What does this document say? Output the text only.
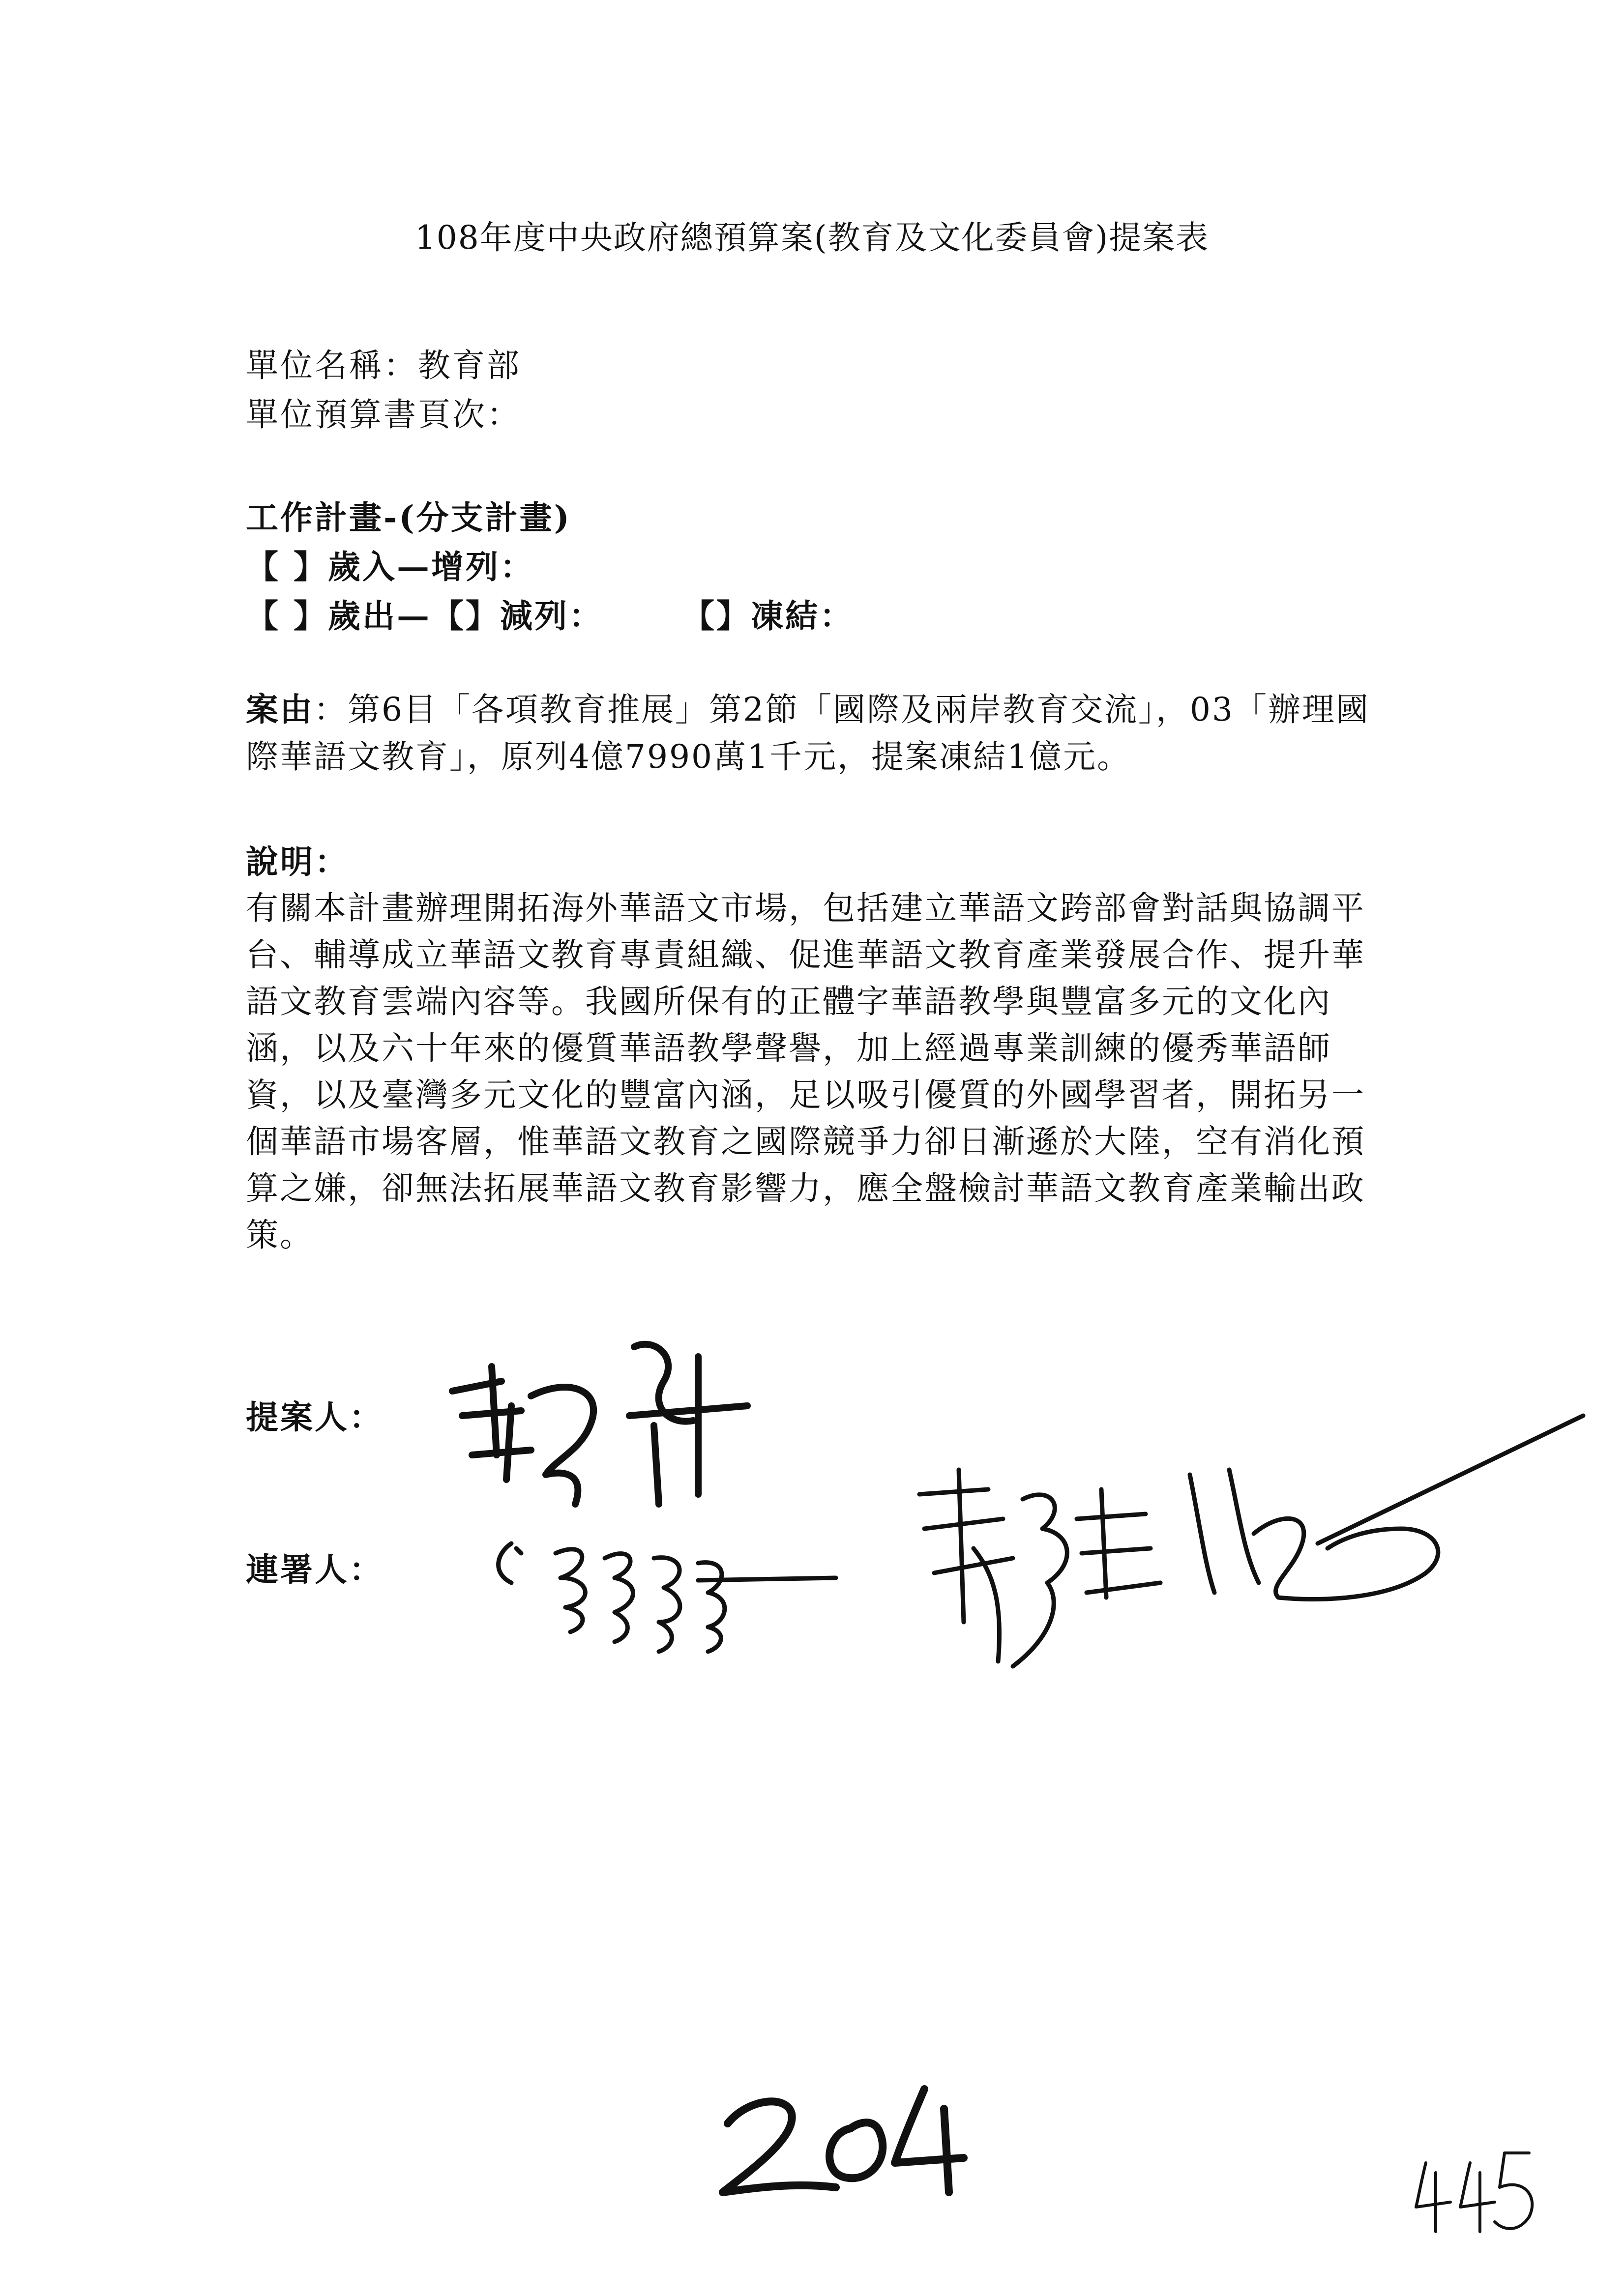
108年度中央政府總預算案(教育及文化委員會)提案表
單位名稱：教育部
單位預算書頁次：
工作計畫-(分支計畫)
【 】歲入—增列：
【 】歲出—【】減列： 【】凍結：
案由：第6目「各項教育推展」第2節「國際及兩岸教育交流」，03「辦理國際華語文教育」，原列4億7990萬1千元，提案凍結1億元。
說明：
有關本計畫辦理開拓海外華語文市場，包括建立華語文跨部會對話與協調平台、輔導成立華語文教育專責組織、促進華語文教育產業發展合作、提升華語文教育雲端內容等。我國所保有的正體字華語教學與豐富多元的文化內涵，以及六十年來的優質華語教學聲譽，加上經過專業訓練的優秀華語師資，以及臺灣多元文化的豐富內涵，足以吸引優質的外國學習者，開拓另一個華語市場客層，惟華語文教育之國際競爭力卻日漸遜於大陸，空有消化預算之嫌，卻無法拓展華語文教育影響力，應全盤檢討華語文教育產業輸出政策。
提案人：
連署人：
